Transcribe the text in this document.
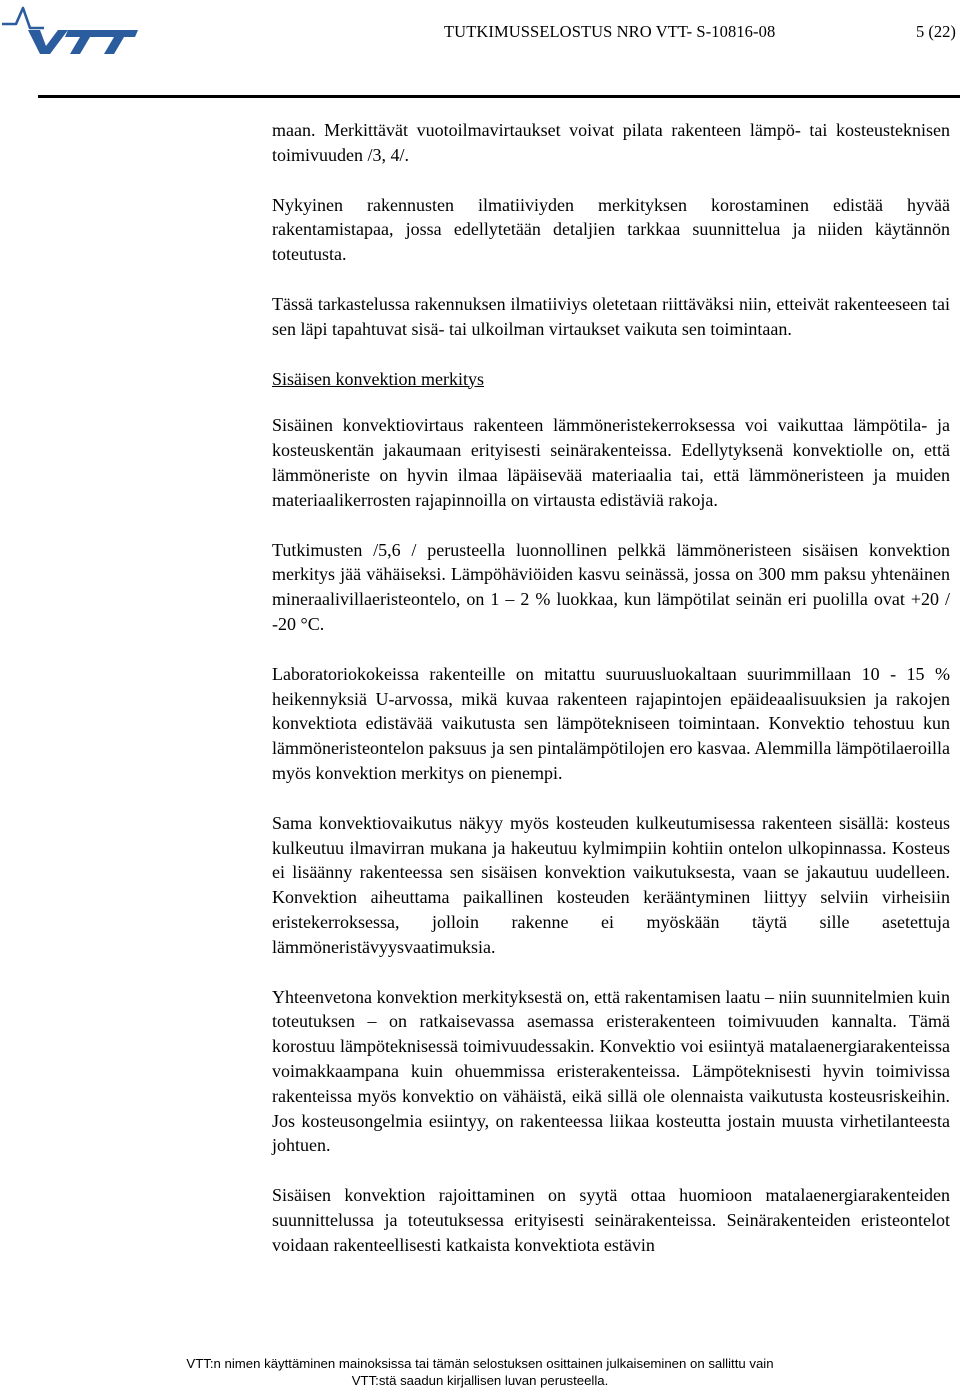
TUTKIMUSSELOSTUS NRO VTT- S-10816-08	5 (22)

maan. Merkittävät vuotoilmavirtaukset voivat pilata rakenteen lämpö- tai kosteusteknisen toimivuuden /3, 4/.

Nykyinen rakennusten ilmatiiviyden merkityksen korostaminen edistää hyvää rakentamistapaa, jossa edellytetään detaljien tarkkaa suunnittelua ja niiden käytännön toteutusta.

Tässä tarkastelussa rakennuksen ilmatiiviys oletetaan riittäväksi niin, etteivät rakenteeseen tai sen läpi tapahtuvat sisä- tai ulkoilman virtaukset vaikuta sen toimintaan.

Sisäisen konvektion merkitys

Sisäinen konvektiovirtaus rakenteen lämmöneristekerroksessa voi vaikuttaa lämpötila- ja kosteuskentän jakaumaan erityisesti seinärakenteissa. Edellytyksenä konvektiolle on, että lämmöneriste on hyvin ilmaa läpäisevää materiaalia tai, että lämmöneristeen ja muiden materiaalikerrosten rajapinnoilla on virtausta edistäviä rakoja.

Tutkimusten /5,6 / perusteella luonnollinen pelkkä lämmöneristeen sisäisen konvektion merkitys jää vähäiseksi. Lämpöhäviöiden kasvu seinässä, jossa on 300 mm paksu yhtenäinen mineraalivillaeristeontelo, on 1 – 2 % luokkaa, kun lämpötilat seinän eri puolilla ovat +20 / -20 °C.

Laboratoriokokeissa rakenteille on mitattu suuruusluokaltaan suurimmillaan 10 - 15 % heikennyksiä U-arvossa, mikä kuvaa rakenteen rajapintojen epäideaalisuuksien ja rakojen konvektiota edistävää vaikutusta sen lämpötekniseen toimintaan. Konvektio tehostuu kun lämmöneristeontelon paksuus ja sen pintalämpötilojen ero kasvaa. Alemmilla lämpötilaeroilla myös konvektion merkitys on pienempi.

Sama konvektiovaikutus näkyy myös kosteuden kulkeutumisessa rakenteen sisällä: kosteus kulkeutuu ilmavirran mukana ja hakeutuu kylmimpiin kohtiin ontelon ulkopinnassa. Kosteus ei lisäänny rakenteessa sen sisäisen konvektion vaikutuksesta, vaan se jakautuu uudelleen. Konvektion aiheuttama paikallinen kosteuden kerääntyminen liittyy selviin virheisiin eristekerroksessa, jolloin rakenne ei myöskään täytä sille asetettuja lämmöneristävyysvaatimuksia.

Yhteenvetona konvektion merkityksestä on, että rakentamisen laatu – niin suunnitelmien kuin toteutuksen – on ratkaisevassa asemassa eristerakenteen toimivuuden kannalta. Tämä korostuu lämpöteknisessä toimivuudessakin. Konvektio voi esiintyä matalaenergiarakenteissa voimakkaampana kuin ohuemmissa eristerakenteissa. Lämpöteknisesti hyvin toimivissa rakenteissa myös konvektio on vähäistä, eikä sillä ole olennaista vaikutusta kosteusriskeihin. Jos kosteusongelmia esiintyy, on rakenteessa liikaa kosteutta jostain muusta virhetilanteesta johtuen.

Sisäisen konvektion rajoittaminen on syytä ottaa huomioon matalaenergiarakenteiden suunnittelussa ja toteutuksessa erityisesti seinärakenteissa. Seinärakenteiden eristeontelot voidaan rakenteellisesti katkaista konvektiota estävin

VTT:n nimen käyttäminen mainoksissa tai tämän selostuksen osittainen julkaiseminen on sallittu vain
VTT:stä saadun kirjallisen luvan perusteella.
